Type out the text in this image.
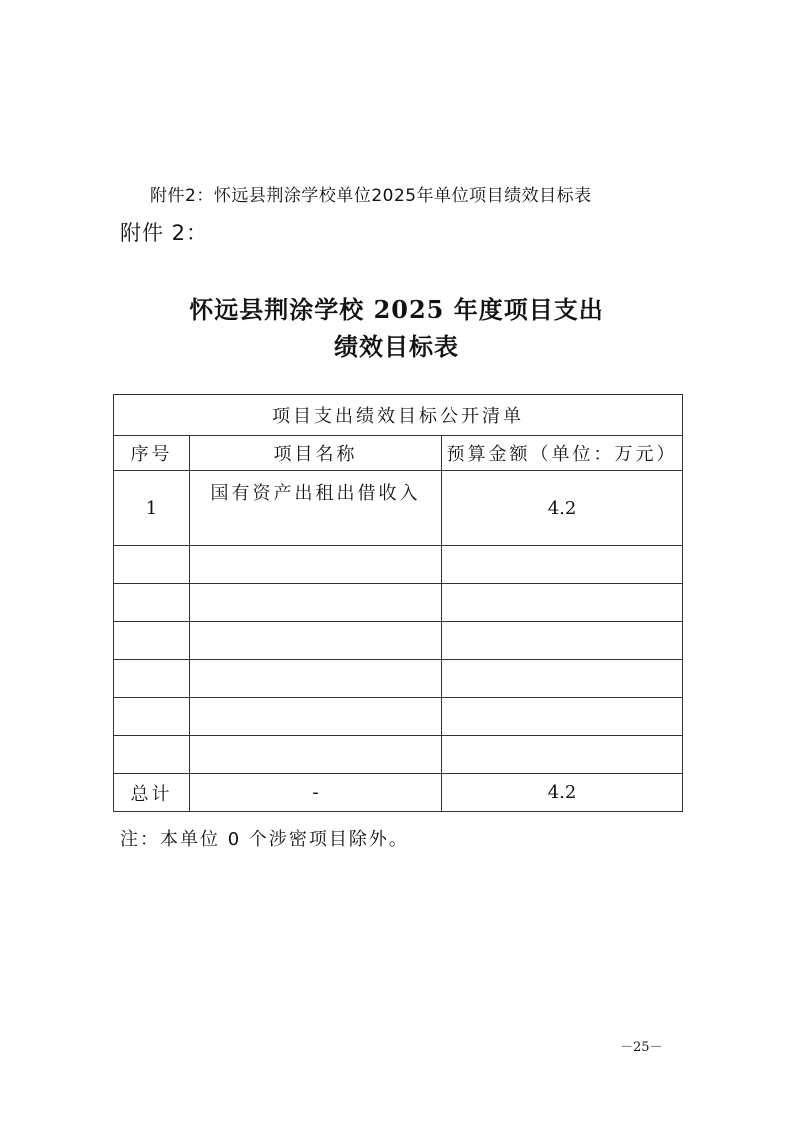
附件2：怀远县荆涂学校单位2025年单位项目绩效目标表
附件 2：
怀远县荆涂学校 2025 年度项目支出
绩效目标表
项目支出绩效目标公开清单		
序号	项目名称	预算金额（单位：万元）
1	国有资产出租出借收入	4.2

总计	-	4.2
注：本单位 0 个涉密项目除外。
－25－
